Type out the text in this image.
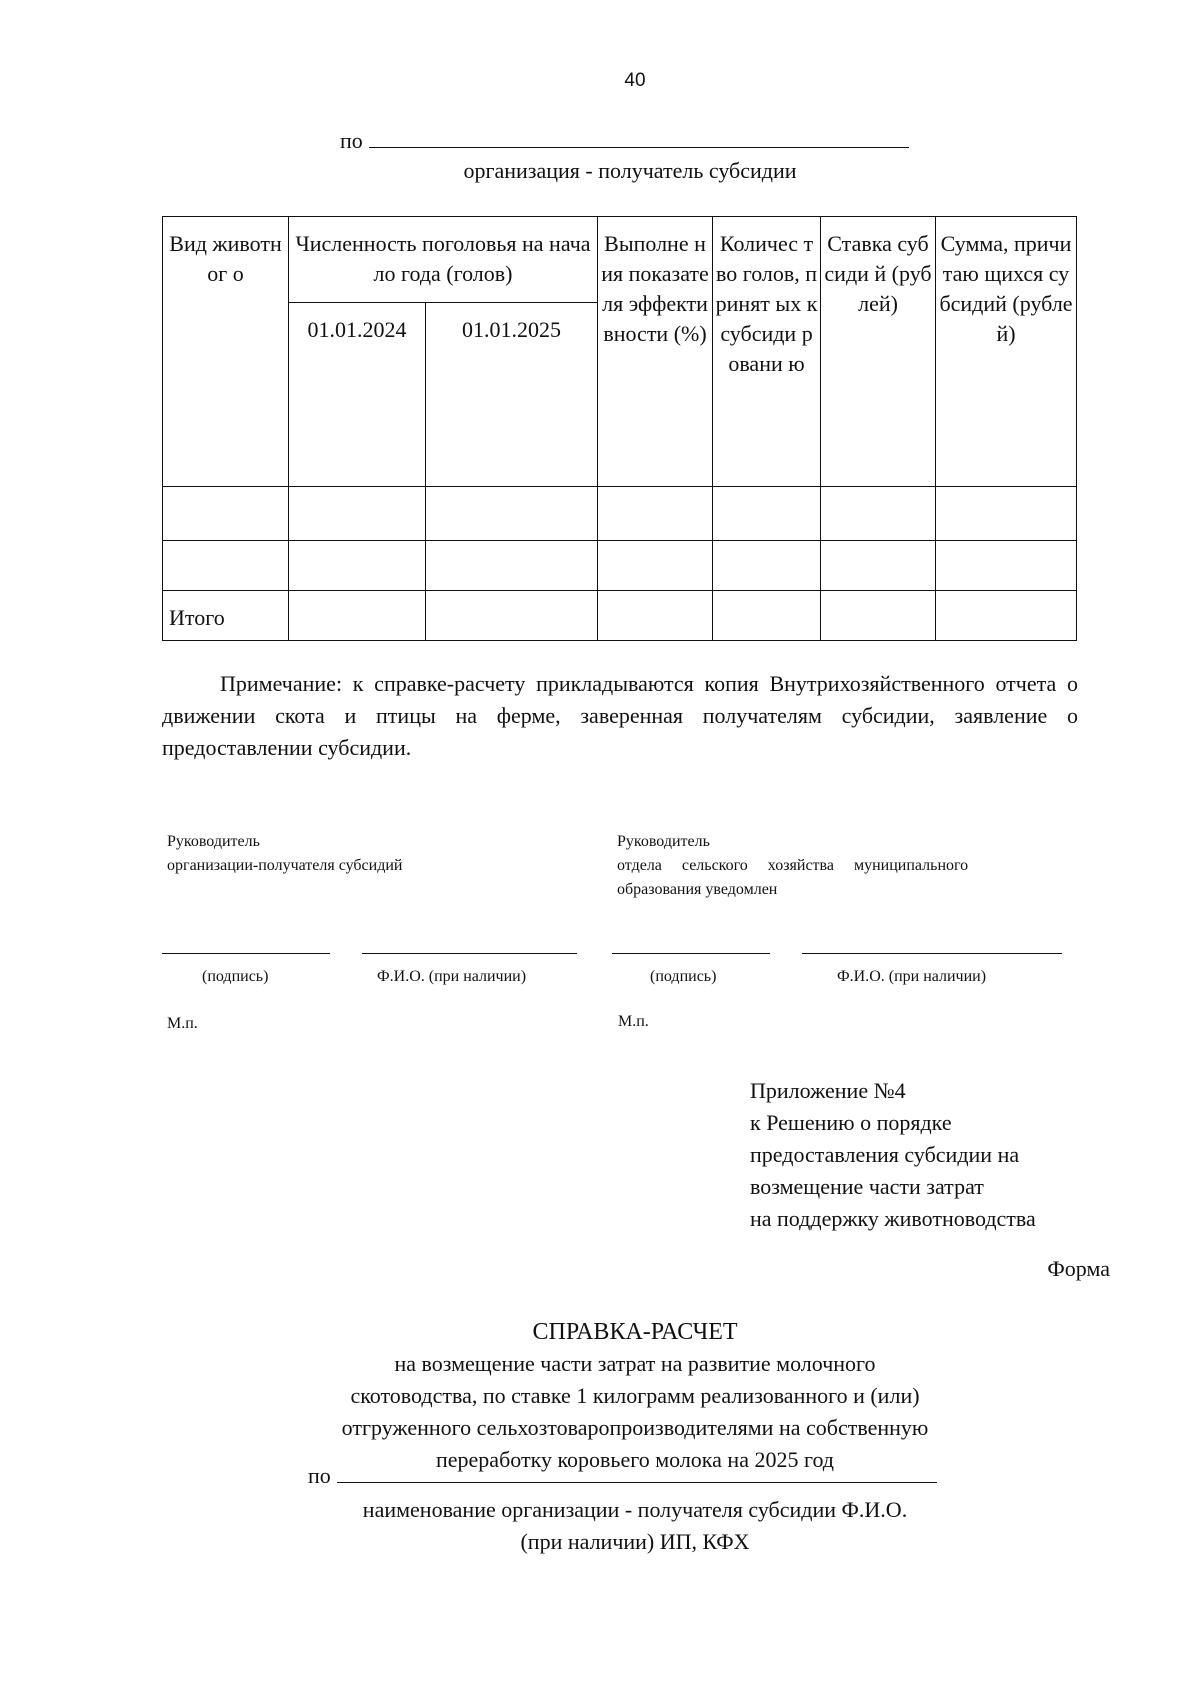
40
по
организация - получатель субсидии
Вид животног о	Численность поголовья на начало года (голов)		Выполне ния показате ля эффекти вности (%)	Количес тво голов, принят ых к субсиди ровани ю	Ставка субсиди й (рублей)	Сумма, причитаю щихся субсидий (рублей)
	01.01.2024	01.01.2025				

Итого						

Примечание: к справке-расчету прикладываются копия Внутрихозяйственного отчета о движении скота и птицы на ферме, заверенная получателям субсидии, заявление о предоставлении субсидии.

Руководитель
организации-получателя субсидий
Руководитель
отдела сельского хозяйства муниципального
образования уведомлен
(подпись)	Ф.И.О. (при наличии)	(подпись)	Ф.И.О. (при наличии)
М.п.	М.п.
Приложение №4
к Решению о порядке
предоставления субсидии на
возмещение части затрат
на поддержку животноводства
Форма
СПРАВКА-РАСЧЕТ
на возмещение части затрат на развитие молочного
скотоводства, по ставке 1 килограмм реализованного и (или)
отгруженного сельхозтоваропроизводителями на собственную
переработку коровьего молока на 2025 год
по
наименование организации - получателя субсидии Ф.И.О.
(при наличии) ИП, КФХ
